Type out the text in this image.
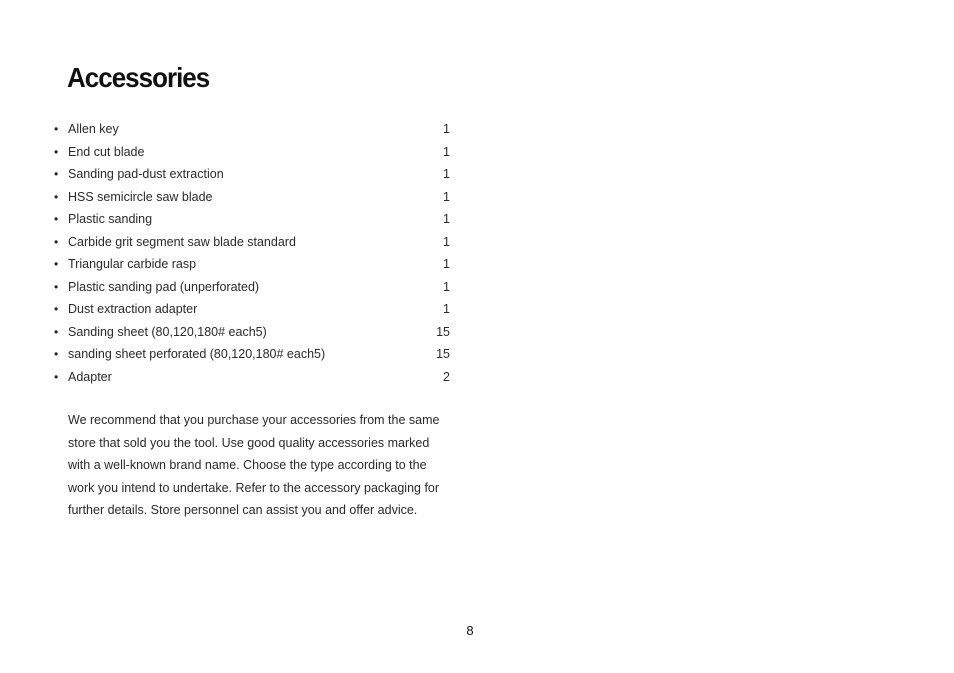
Accessories
• Allen key	1
• End cut blade	1
• Sanding pad-dust extraction	1
• HSS semicircle saw blade	1
• Plastic sanding	1
• Carbide grit segment saw blade standard	1
• Triangular carbide rasp	1
• Plastic sanding pad (unperforated)	1
• Dust extraction adapter	1
• Sanding sheet (80,120,180# each5)	15
• sanding sheet perforated (80,120,180# each5)	15
• Adapter	2

We recommend that you purchase your accessories from the same store that sold you the tool. Use good quality accessories marked with a well-known brand name. Choose the type according to the work you intend to undertake. Refer to the accessory packaging for further details. Store personnel can assist you and offer advice.

8
